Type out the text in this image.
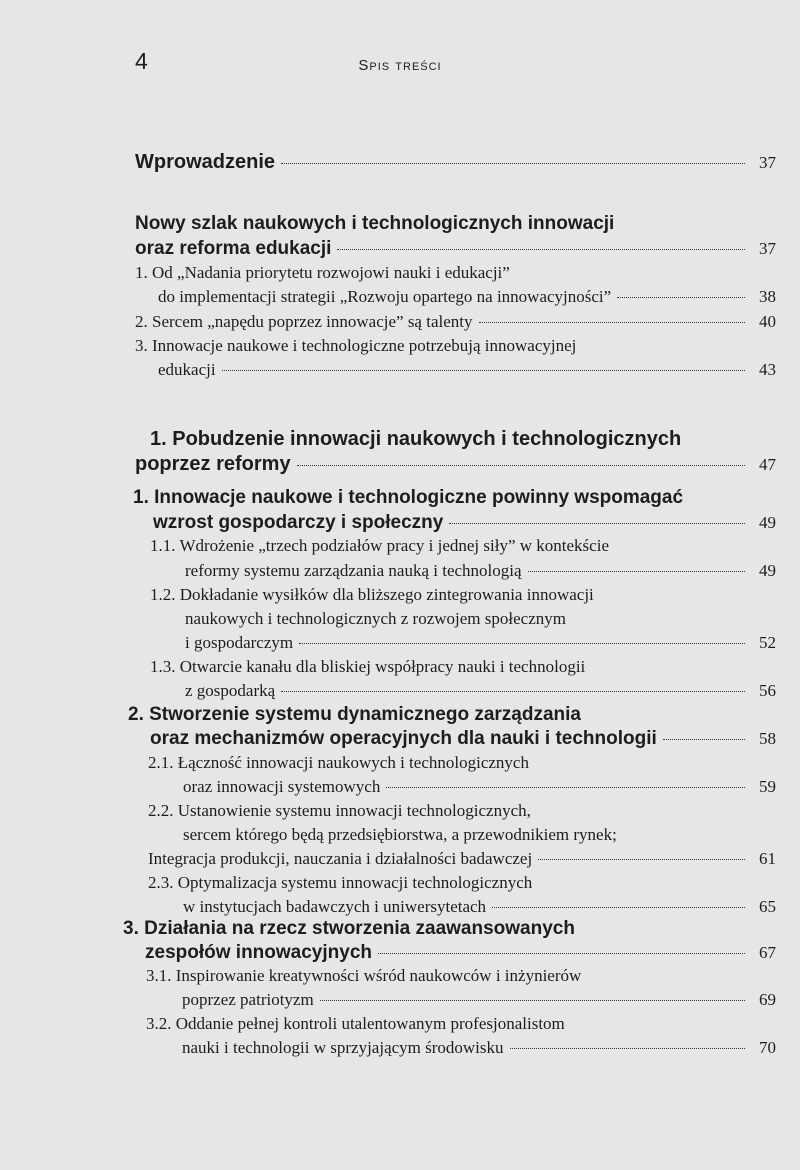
4	Spis treści
Wprowadzenie	37
Nowy szlak naukowych i technologicznych innowacji
oraz reforma edukacji	37
1. Od „Nadania priorytetu rozwojowi nauki i edukacji”
do implementacji strategii „Rozwoju opartego na innowacyjności”	38
2. Sercem „napędu poprzez innowacje” są talenty	40
3. Innowacje naukowe i technologiczne potrzebują innowacyjnej
edukacji	43
1. Pobudzenie innowacji naukowych i technologicznych
poprzez reformy	47
1. Innowacje naukowe i technologiczne powinny wspomagać
wzrost gospodarczy i społeczny	49
1.1. Wdrożenie „trzech podziałów pracy i jednej siły” w kontekście
reformy systemu zarządzania nauką i technologią	49
1.2. Dokładanie wysiłków dla bliższego zintegrowania innowacji
naukowych i technologicznych z rozwojem społecznym
i gospodarczym	52
1.3. Otwarcie kanału dla bliskiej współpracy nauki i technologii
z gospodarką	56
2. Stworzenie systemu dynamicznego zarządzania
oraz mechanizmów operacyjnych dla nauki i technologii	58
2.1. Łączność innowacji naukowych i technologicznych
oraz innowacji systemowych	59
2.2. Ustanowienie systemu innowacji technologicznych,
sercem którego będą przedsiębiorstwa, a przewodnikiem rynek;
Integracja produkcji, nauczania i działalności badawczej	61
2.3. Optymalizacja systemu innowacji technologicznych
w instytucjach badawczych i uniwersytetach	65
3. Działania na rzecz stworzenia zaawansowanych
zespołów innowacyjnych	67
3.1. Inspirowanie kreatywności wśród naukowców i inżynierów
poprzez patriotyzm	69
3.2. Oddanie pełnej kontroli utalentowanym profesjonalistom
nauki i technologii w sprzyjającym środowisku	70
